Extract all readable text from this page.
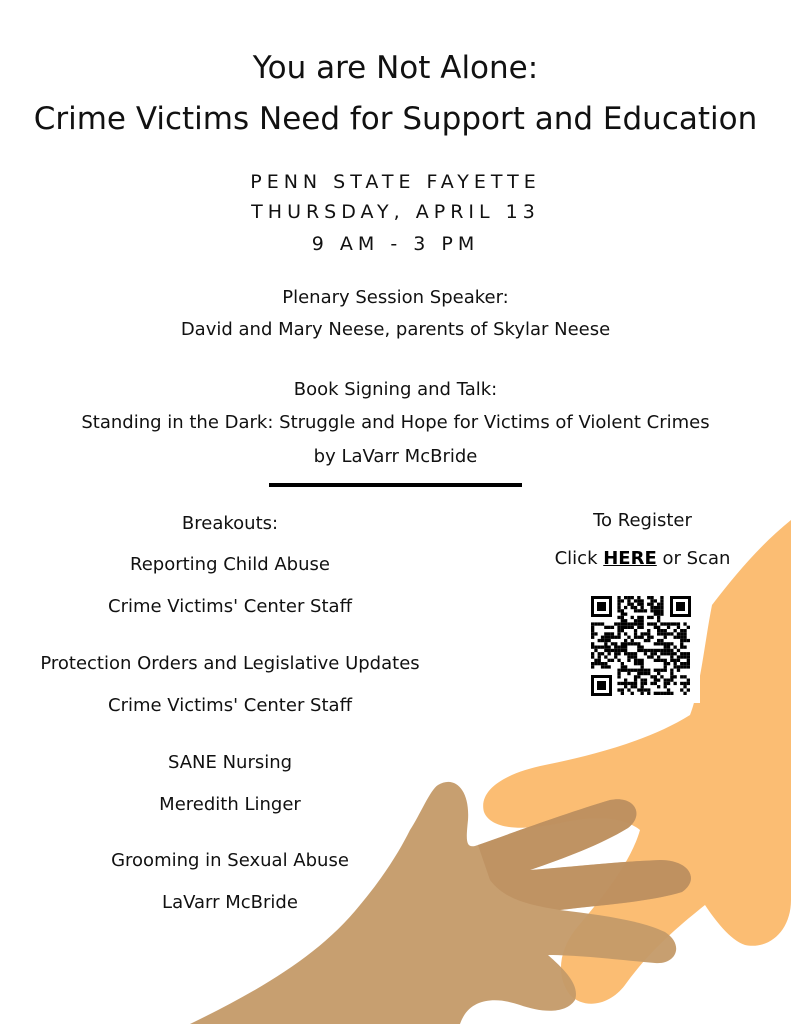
You are Not Alone:
Crime Victims Need for Support and Education
PENN STATE FAYETTE
THURSDAY, APRIL 13
9 AM - 3 PM
Plenary Session Speaker:
David and Mary Neese, parents of Skylar Neese
Book Signing and Talk:
Standing in the Dark: Struggle and Hope for Victims of Violent Crimes
by LaVarr McBride
Breakouts:
Reporting Child Abuse
Crime Victims' Center Staff
Protection Orders and Legislative Updates
Crime Victims' Center Staff
SANE Nursing
Meredith Linger
Grooming in Sexual Abuse
LaVarr McBride
To Register
Click HERE or Scan
